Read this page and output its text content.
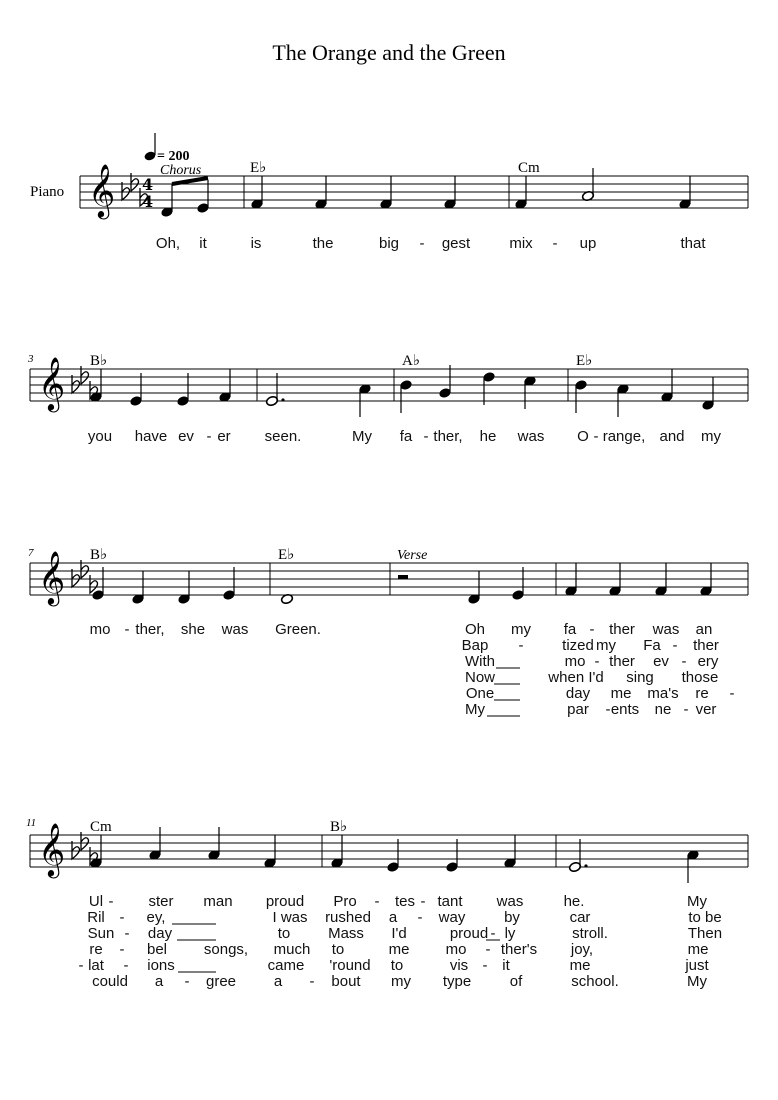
The Orange and the Green
= 200
Piano 𝄞 4
4
𝄞
𝄞
𝄞
Chorus
Verse
3
7
11
E♭	Cm
B♭	A♭	E♭
B♭	E♭
Cm	B♭
Oh, it	is	the	big - gest	mix - up	that
you have ev - er seen.	My fa - ther, he was O - range, and my
mo - ther, she was Green.	Oh my fa - ther was an
Bap -	tized my Fa - ther
With	mo - ther ev - ery
Now	when I'd sing those
One	day me ma's re -
My	par - ents ne - ver
Ul - ster man proud Pro - tes - tant was	he.	My
Ril - ey,	I was rushed a - way	by	car	to be
Sun - day	to	Mass I'd	proud - ly	stroll.	Then
re - bel songs, much to	me mo - ther's joy,	me
- lat - ions	came 'round to	vis - it	me	just
could a - gree	a - bout my type	of	school.	My
